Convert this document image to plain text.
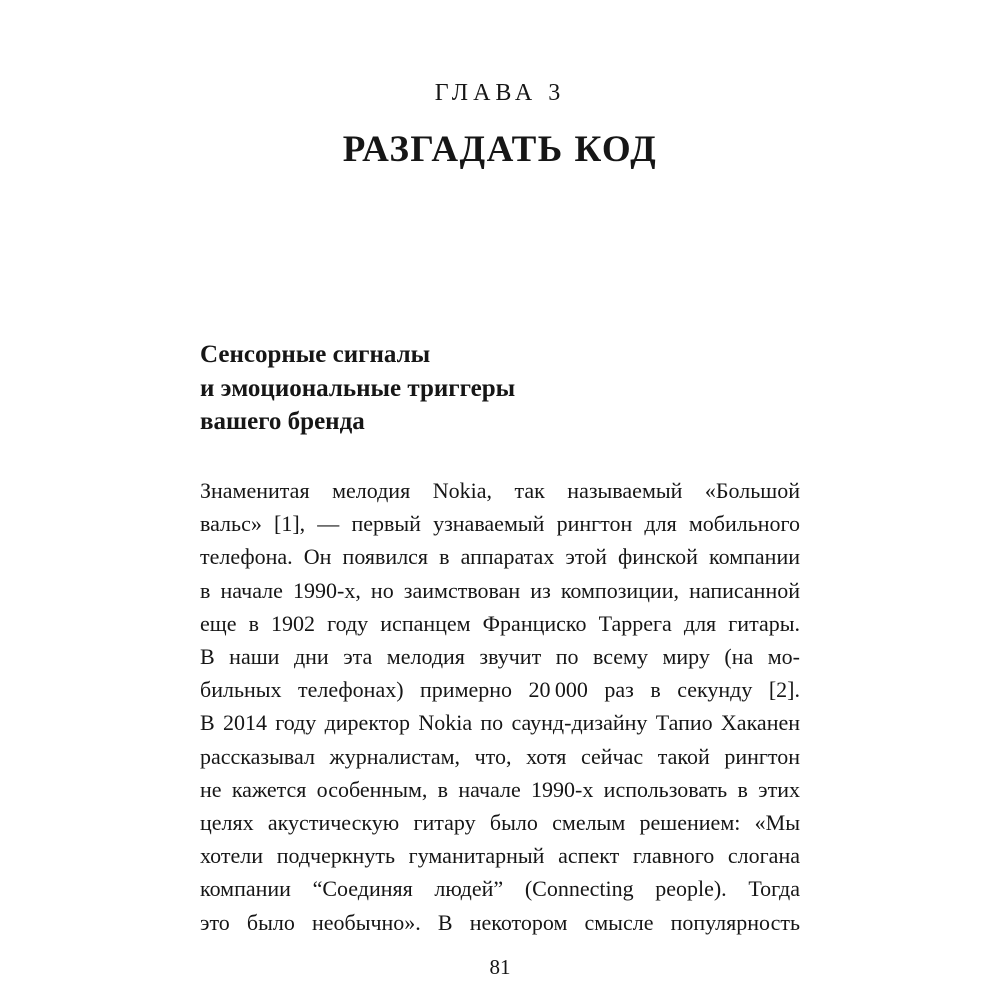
ГЛАВА 3
РАЗГАДАТЬ КОД
Сенсорные сигналы
и эмоциональные триггеры
вашего бренда
Знаменитая мелодия Nokia, так называемый «Большой
вальс» [1], — первый узнаваемый рингтон для мобильного
телефона. Он появился в аппаратах этой финской компании
в начале 1990-х, но заимствован из композиции, написанной
еще в 1902 году испанцем Франциско Таррега для гитары.
В наши дни эта мелодия звучит по всему миру (на мо-
бильных телефонах) примерно 20 000 раз в секунду [2].
В 2014 году директор Nokia по саунд-дизайну Тапио Хаканен
рассказывал журналистам, что, хотя сейчас такой рингтон
не кажется особенным, в начале 1990-х использовать в этих
целях акустическую гитару было смелым решением: «Мы
хотели подчеркнуть гуманитарный аспект главного слогана
компании “Соединяя людей” (Connecting people). Тогда
это было необычно». В некотором смысле популярность
81
